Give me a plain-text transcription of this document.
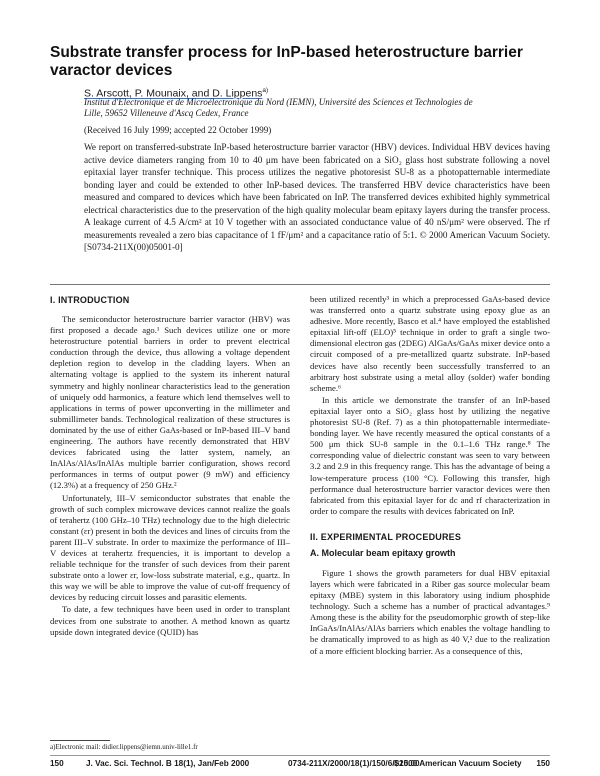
Substrate transfer process for InP-based heterostructure barrier varactor devices
S. Arscott, P. Mounaix, and D. Lippens$^{a)}$
Institut d'Electronique et de Microélectronique du Nord (IEMN), Université des Sciences et Technologies de Lille, 59652 Villeneuve d'Ascq Cedex, France
(Received 16 July 1999; accepted 22 October 1999)

We report on transferred-substrate InP-based heterostructure barrier varactor (HBV) devices. Individual HBV devices having active device diameters ranging from 10 to 40 μm have been fabricated on a SiO₂ glass host substrate following a novel epitaxial layer transfer technique. This process utilizes the negative photoresist SU-8 as a photopatternable intermediate bonding layer and could be extended to other InP-based devices. The transferred HBV device characteristics have been measured and compared to devices which have been fabricated on InP. The transferred devices exhibited highly symmetrical electrical characteristics due to the preservation of the high quality molecular beam epitaxy layers during the transfer process. A leakage current of 4.5 A/cm² at 10 V together with an associated conductance value of 40 nS/μm² were observed. The rf measurements revealed a zero bias capacitance of 1 fF/μm² and a capacitance ratio of 5:1. © 2000 American Vacuum Society. [S0734-211X(00)05001-0]

I. INTRODUCTION

The semiconductor heterostructure barrier varactor (HBV) was first proposed a decade ago.¹ Such devices utilize one or more heterostructure potential barriers in order to prevent electrical conduction through the device, thus allowing a voltage dependent depletion region to develop in the cladding layers. When an alternating voltage is applied to the system its inherent natural symmetry and highly nonlinear characteristics lead to the generation of uniquely odd harmonics, a feature which lend themselves well to applications in terms of power upconverting in the millimeter and submillimeter bands. Technological realization of these structures is dominated by the use of either GaAs-based or InP-based III–V band engineering. The authors have recently demonstrated that HBV devices fabricated using the latter system, namely, an InAlAs/AlAs/InAlAs multiple barrier configuration, shows record performances in terms of output power (9 mW) and efficiency (12.3%) at a frequency of 250 GHz.²

Unfortunately, III–V semiconductor substrates that enable the growth of such complex microwave devices cannot realize the goals of terahertz (100 GHz–10 THz) technology due to the high dielectric constant (εr) present in both the devices and lines of circuits from the parent III–V substrate. In order to maximize the performance of III–V devices at terahertz frequencies, it is important to develop a reliable technique for the transfer of such devices from their parent substrate onto a lower εr, low-loss substrate material, e.g., quartz. In this way we will be able to improve the value of cut-off frequency of devices by reducing circuit losses and parasitic elements.

To date, a few techniques have been used in order to transplant devices from one substrate to another. A method known as quartz upside down integrated device (QUID) has

been utilized recently³ in which a preprocessed GaAs-based device was transferred onto a quartz substrate using epoxy glue as an adhesive. More recently, Basco et al.⁴ have employed the established epitaxial lift-off (ELO)⁵ technique in order to graft a single two-dimensional electron gas (2DEG) AlGaAs/GaAs mixer device onto a circuit composed of a pre-metallized quartz substrate. InP-based devices have also recently been successfully transferred to an arbitrary host substrate using a metal alloy (solder) wafer bonding scheme.⁶

In this article we demonstrate the transfer of an InP-based epitaxial layer onto a SiO₂ glass host by utilizing the negative photoresist SU-8 (Ref. 7) as a thin photopatternable intermediate-bonding layer. We have recently measured the optical constants of a 500 μm thick SU-8 sample in the 0.1–1.6 THz range.⁸ The corresponding value of dielectric constant was seen to vary between 3.2 and 2.9 in this frequency range. This has the advantage of being a low-temperature process (100 °C). Following this transfer, high performance dual heterostructure barrier varactor devices were then fabricated from this epitaxial layer for dc and rf characterization in order to compare the results with devices fabricated on InP.

II. EXPERIMENTAL PROCEDURES
A. Molecular beam epitaxy growth

Figure 1 shows the growth parameters for dual HBV epitaxial layers which were fabricated in a Riber gas source molecular beam epitaxy (MBE) system in this laboratory using indium phosphide technology. Such a scheme has a number of practical advantages.⁹ Among these is the ability for the pseudomorphic growth of step-like InGaAs/InAlAs/AlAs barriers which enables the voltage handling to be dramatically improved to as high as 40 V,² due to the realization of a more efficient blocking barrier. As a consequence of this,

a)Electronic mail: didier.lippens@iemn.univ-lille1.fr
150	J. Vac. Sci. Technol. B 18(1), Jan/Feb 2000	0734-211X/2000/18(1)/150/6/$15.00
©2000 American Vacuum Society 150
